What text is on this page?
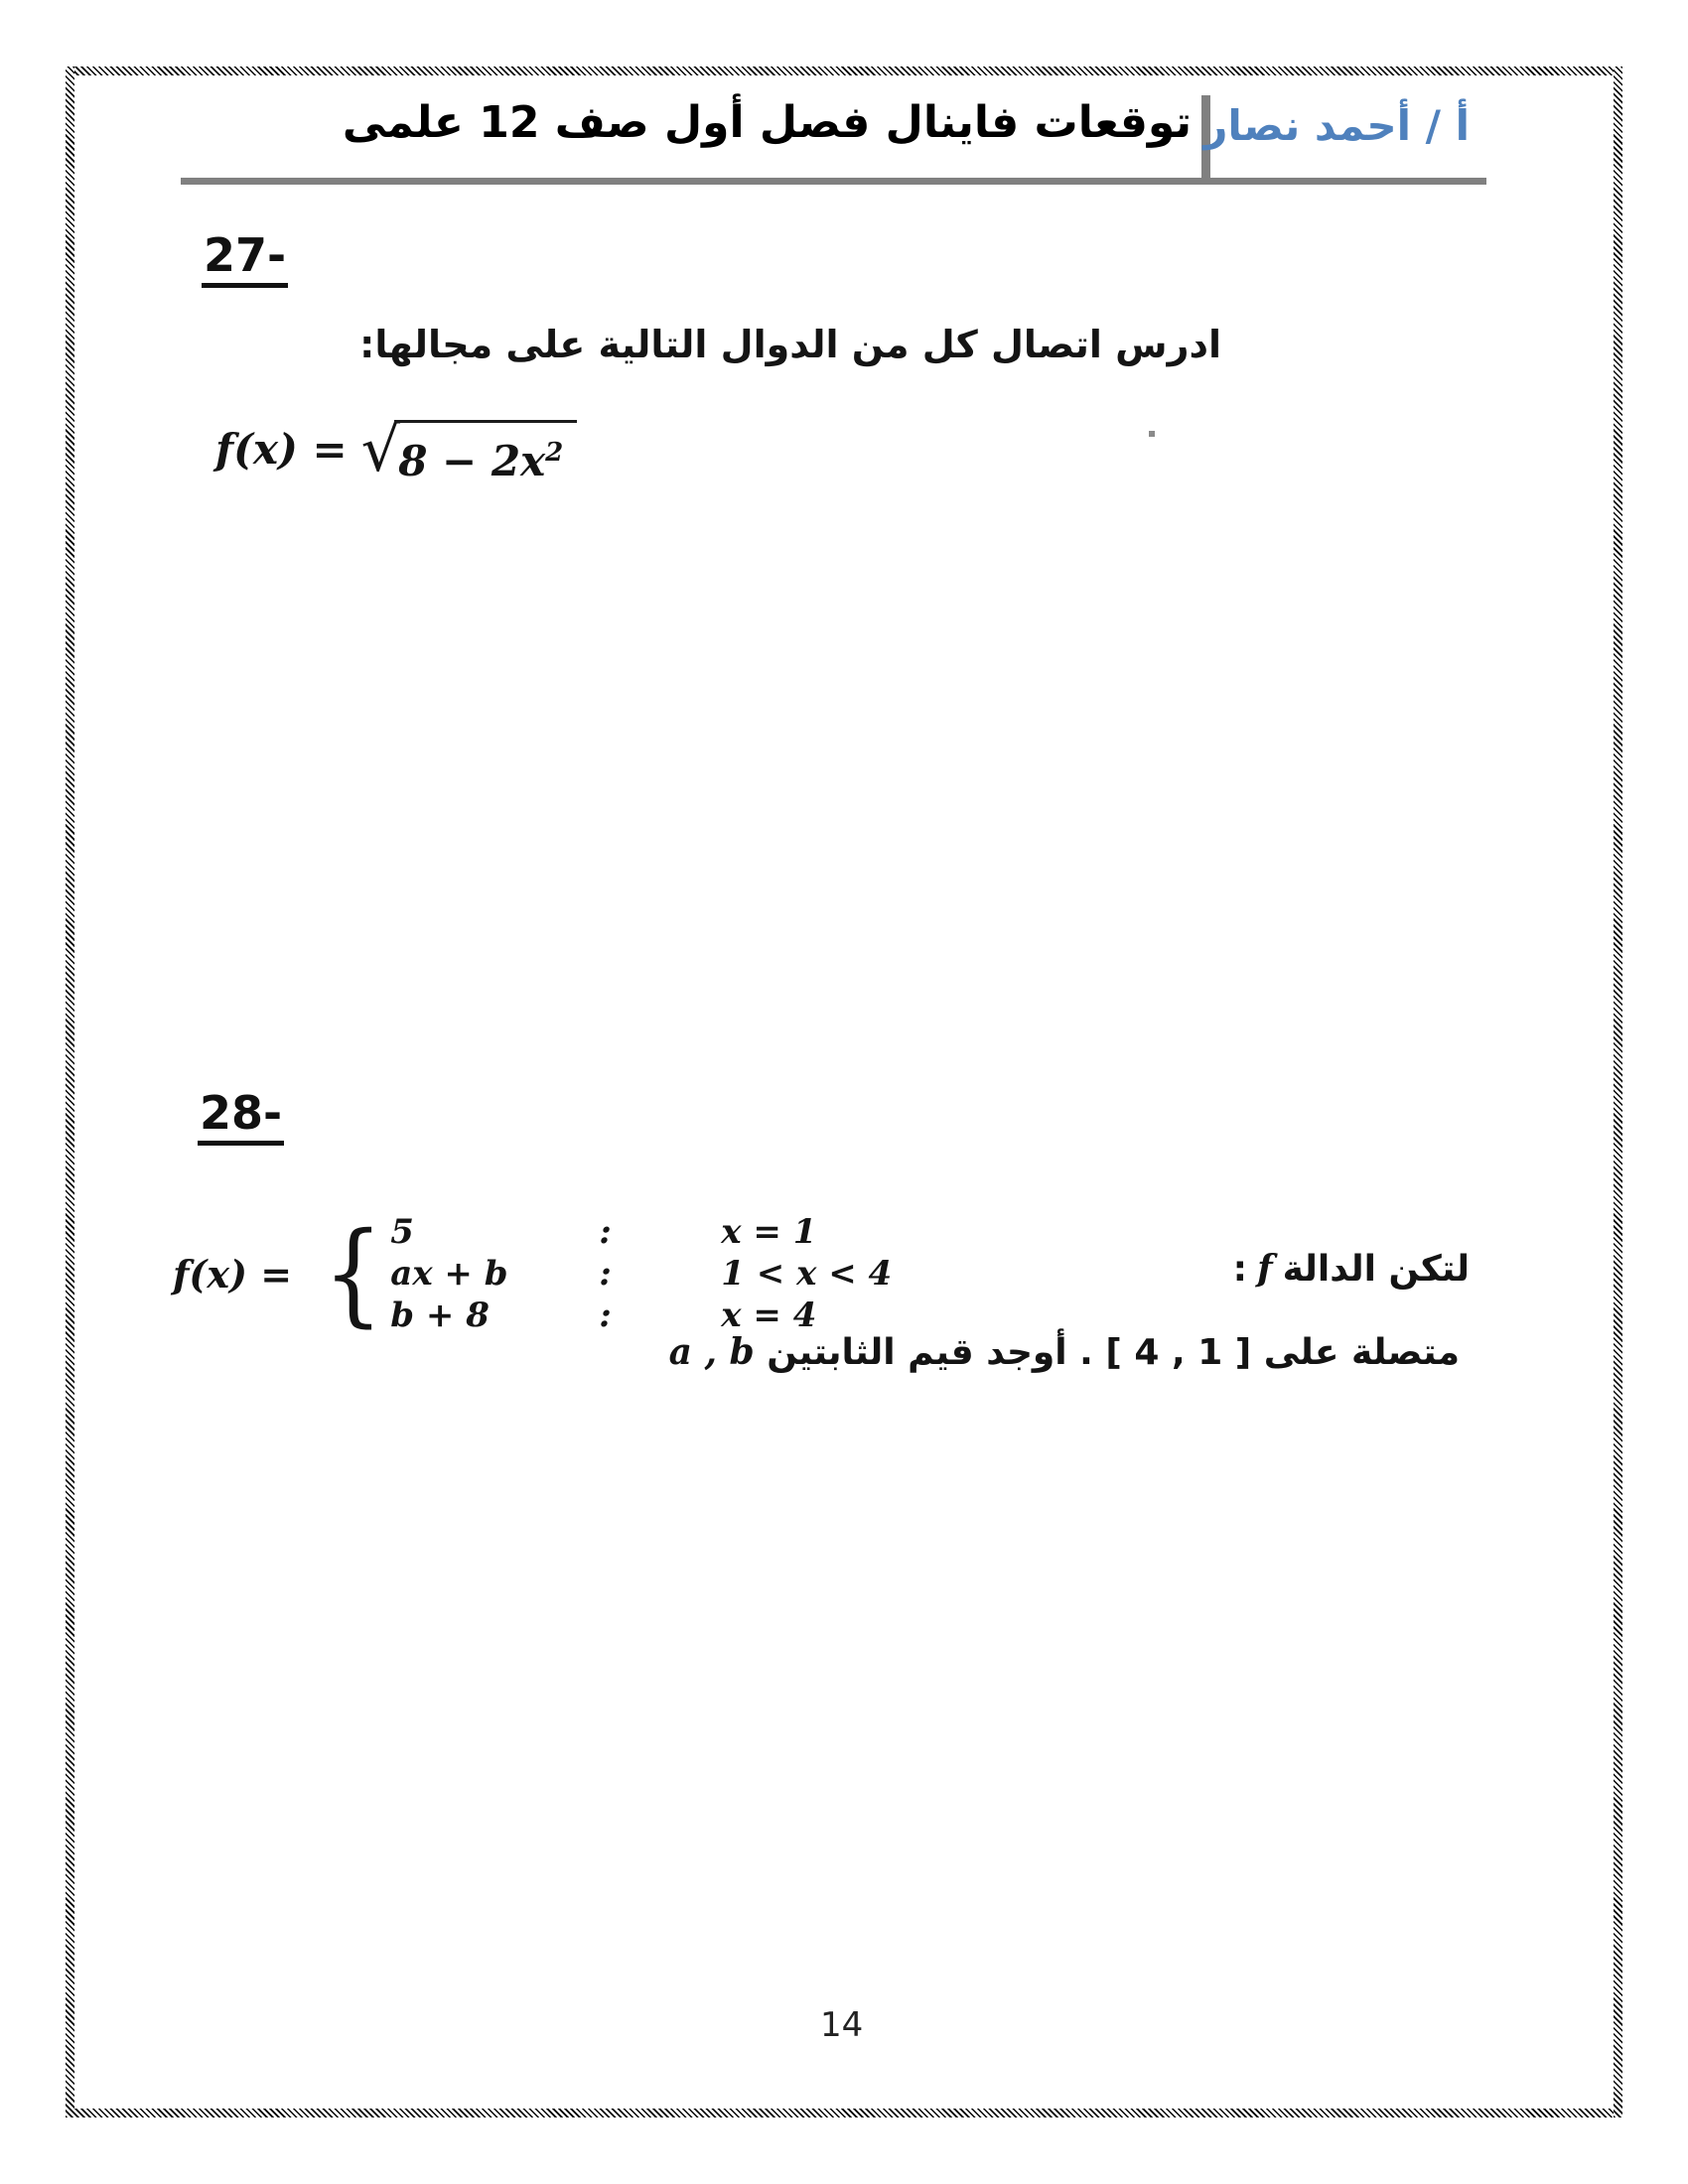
توقعات فاينال فصل أول صف 12 علمى أ / أحمد نصار
27-
ادرس اتصال كل من الدوال التالية على مجالها:
f(x) = √
$8 - 2x^2$
28-
لتكن الدالةf:
f(x) = { 5	:	x = 1
ax + b	:	1 < x < 4
b + 8	:	x = 4
متصلة على [ 1 , 4 ] . أوجد قيم الثابتين a , b
14
